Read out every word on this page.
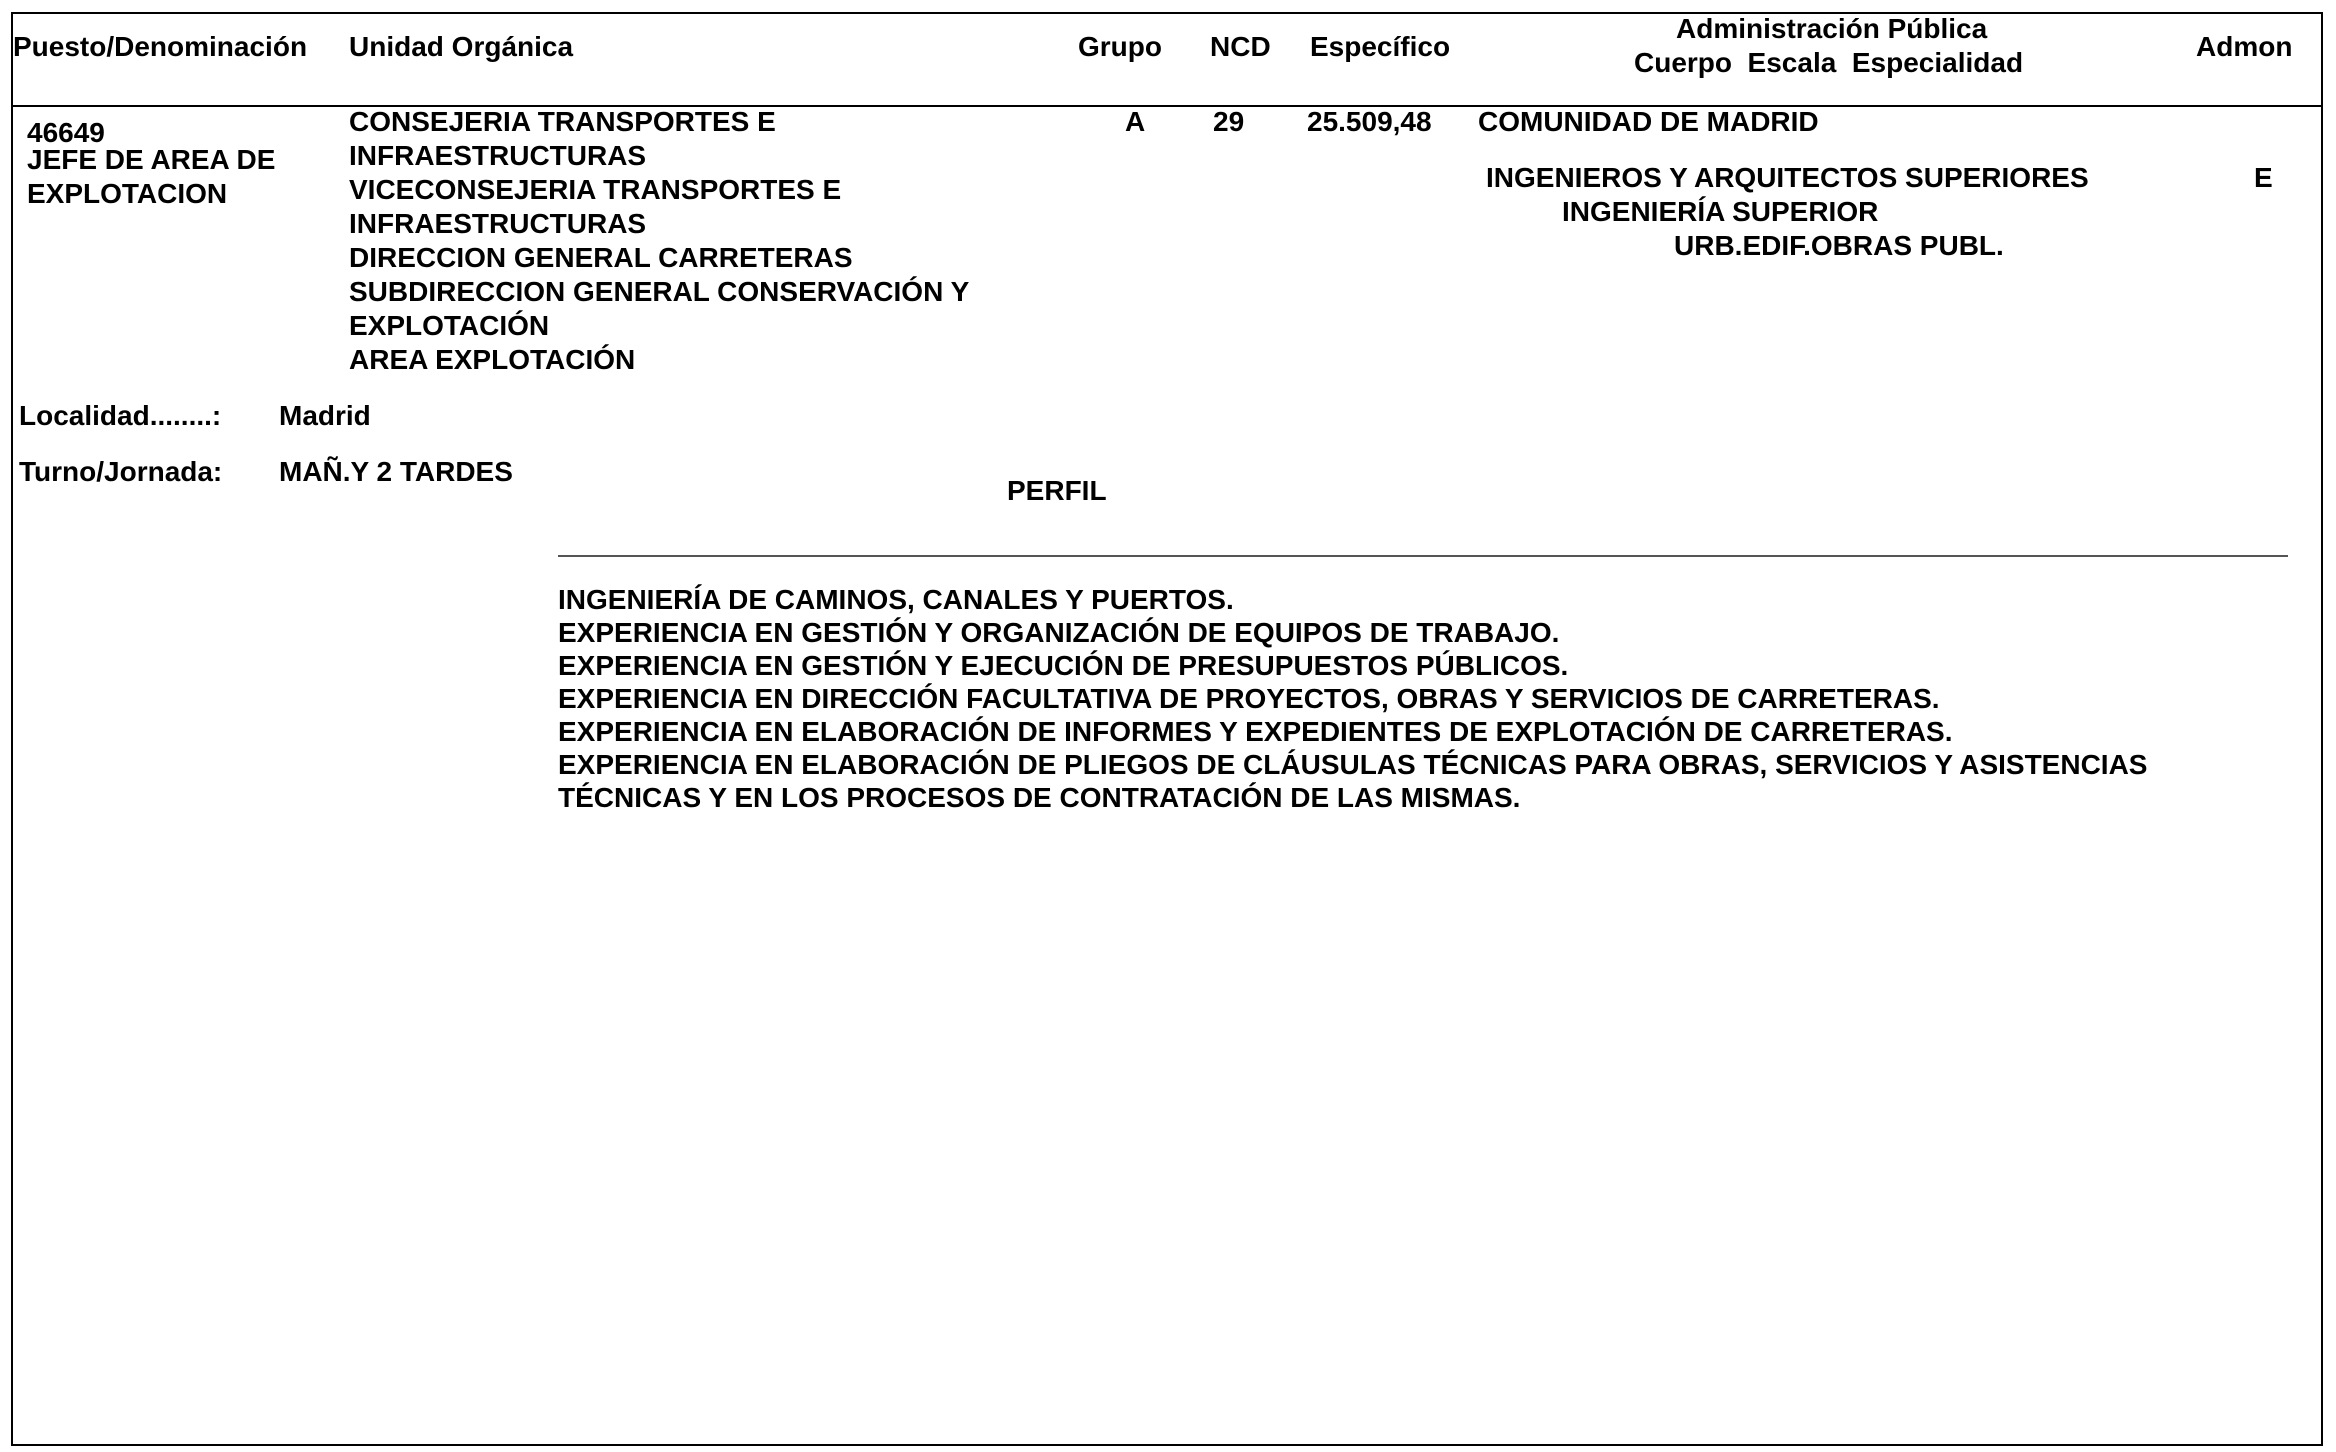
Puesto/Denominación Unidad Orgánica	Grupo NCD Específico
Administración Pública
Cuerpo  Escala  Especialidad
Admon
46649
JEFE DE AREA DE
EXPLOTACION
CONSEJERIA TRANSPORTES E
INFRAESTRUCTURAS
VICECONSEJERIA TRANSPORTES E
INFRAESTRUCTURAS
DIRECCION GENERAL CARRETERAS
SUBDIRECCION GENERAL CONSERVACIÓN Y
EXPLOTACIÓN
AREA EXPLOTACIÓN
A 29 25.509,48 COMUNIDAD DE MADRID
INGENIEROS Y ARQUITECTOS SUPERIORES
INGENIERÍA SUPERIOR
URB.EDIF.OBRAS PUBL.
E
Localidad........: Madrid
Turno/Jornada: MAÑ.Y 2 TARDES
PERFIL
INGENIERÍA DE CAMINOS, CANALES Y PUERTOS.
EXPERIENCIA EN GESTIÓN Y ORGANIZACIÓN DE EQUIPOS DE TRABAJO.
EXPERIENCIA EN GESTIÓN Y EJECUCIÓN DE PRESUPUESTOS PÚBLICOS.
EXPERIENCIA EN DIRECCIÓN FACULTATIVA DE PROYECTOS, OBRAS Y SERVICIOS DE CARRETERAS.
EXPERIENCIA EN ELABORACIÓN DE INFORMES Y EXPEDIENTES DE EXPLOTACIÓN DE CARRETERAS.
EXPERIENCIA EN ELABORACIÓN DE PLIEGOS DE CLÁUSULAS TÉCNICAS PARA OBRAS, SERVICIOS Y ASISTENCIAS
TÉCNICAS Y EN LOS PROCESOS DE CONTRATACIÓN DE LAS MISMAS.
